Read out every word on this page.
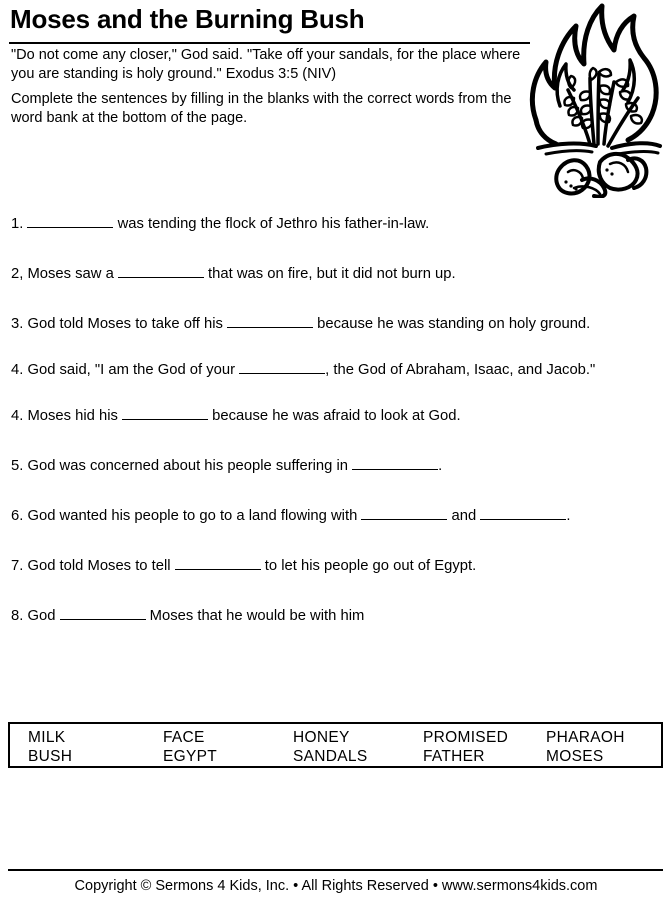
Moses and the Burning Bush
"Do not come any closer," God said. "Take off your sandals, for the place where you are standing is holy ground." Exodus 3:5 (NIV)
Complete the sentences by filling in the blanks with the correct words from the word bank at the bottom of the page.
1.	was tending the flock of Jethro his father-in-law.
2, Moses saw a	that was on fire, but it did not burn up.
3. God told Moses to take off his	because he was standing on holy ground.
4. God said, "I am the God of your	, the God of Abraham, Isaac, and Jacob."
4. Moses hid his	because he was afraid to look at God.
5. God was concerned about his people suffering in	.
6. God wanted his people to go to a land flowing with	and	.
7. God told Moses to tell	to let his people go out of Egypt.
8. God	Moses that he would be with him
MILK	FACE	HONEY	PROMISED	PHARAOH
BUSH	EGYPT	SANDALS	FATHER	MOSES
Copyright © Sermons 4 Kids, Inc. • All Rights Reserved • www.sermons4kids.com
